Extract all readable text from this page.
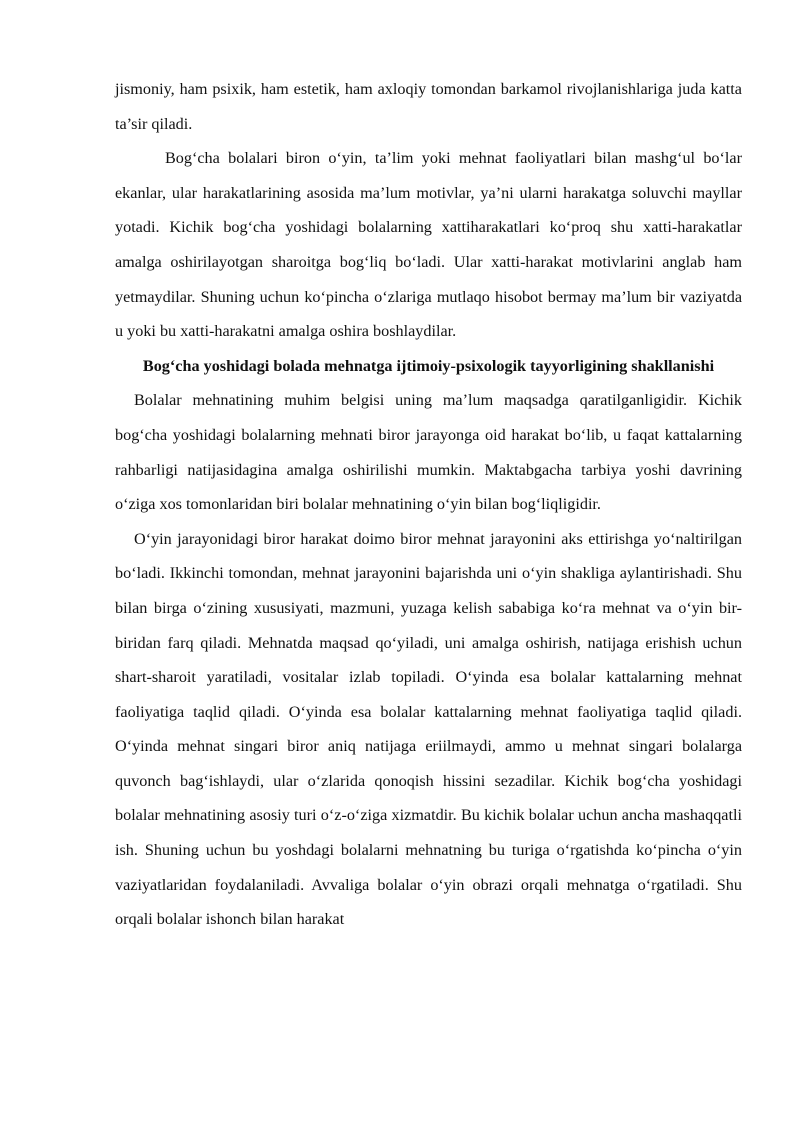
jismoniy, ham psixik, ham estetik, ham axloqiy tomondan barkamol rivojlanishlariga juda katta ta’sir qiladi.

Bog‘cha bolalari biron o‘yin, ta’lim yoki mehnat faoliyatlari bilan mashg‘ul bo‘lar ekanlar, ular harakatlarining asosida ma’lum motivlar, ya’ni ularni harakatga soluvchi mayllar yotadi. Kichik bog‘cha yoshidagi bolalarning xattiharakatlari ko‘proq shu xatti-harakatlar amalga oshirilayotgan sharoitga bog‘liq bo‘ladi. Ular xatti-harakat motivlarini anglab ham yetmaydilar. Shuning uchun ko‘pincha o‘zlariga mutlaqo hisobot bermay ma’lum bir vaziyatda u yoki bu xatti-harakatni amalga oshira boshlaydilar.

Bog‘cha yoshidagi bolada mehnatga ijtimoiy-psixologik tayyorligining shakllanishi

Bolalar mehnatining muhim belgisi uning ma’lum maqsadga qaratilganligidir. Kichik bog‘cha yoshidagi bolalarning mehnati biror jarayonga oid harakat bo‘lib, u faqat kattalarning rahbarligi natijasidagina amalga oshirilishi mumkin. Maktabgacha tarbiya yoshi davrining o‘ziga xos tomonlaridan biri bolalar mehnatining o‘yin bilan bog‘liqligidir.

O‘yin jarayonidagi biror harakat doimo biror mehnat jarayonini aks ettirishga yo‘naltirilgan bo‘ladi. Ikkinchi tomondan, mehnat jarayonini bajarishda uni o‘yin shakliga aylantirishadi. Shu bilan birga o‘zining xususiyati, mazmuni, yuzaga kelish sababiga ko‘ra mehnat va o‘yin bir-biridan farq qiladi. Mehnatda maqsad qo‘yiladi, uni amalga oshirish, natijaga erishish uchun shart-sharoit yaratiladi, vositalar izlab topiladi. O‘yinda esa bolalar kattalarning mehnat faoliyatiga taqlid qiladi. O‘yinda esa bolalar kattalarning mehnat faoliyatiga taqlid qiladi. O‘yinda mehnat singari biror aniq natijaga eriilmaydi, ammo u mehnat singari bolalarga quvonch bag‘ishlaydi, ular o‘zlarida qonoqish hissini sezadilar. Kichik bog‘cha yoshidagi bolalar mehnatining asosiy turi o‘z-o‘ziga xizmatdir. Bu kichik bolalar uchun ancha mashaqqatli ish. Shuning uchun bu yoshdagi bolalarni mehnatning bu turiga o‘rgatishda ko‘pincha o‘yin vaziyatlaridan foydalaniladi. Avvaliga bolalar o‘yin obrazi orqali mehnatga o‘rgatiladi. Shu orqali bolalar ishonch bilan harakat
